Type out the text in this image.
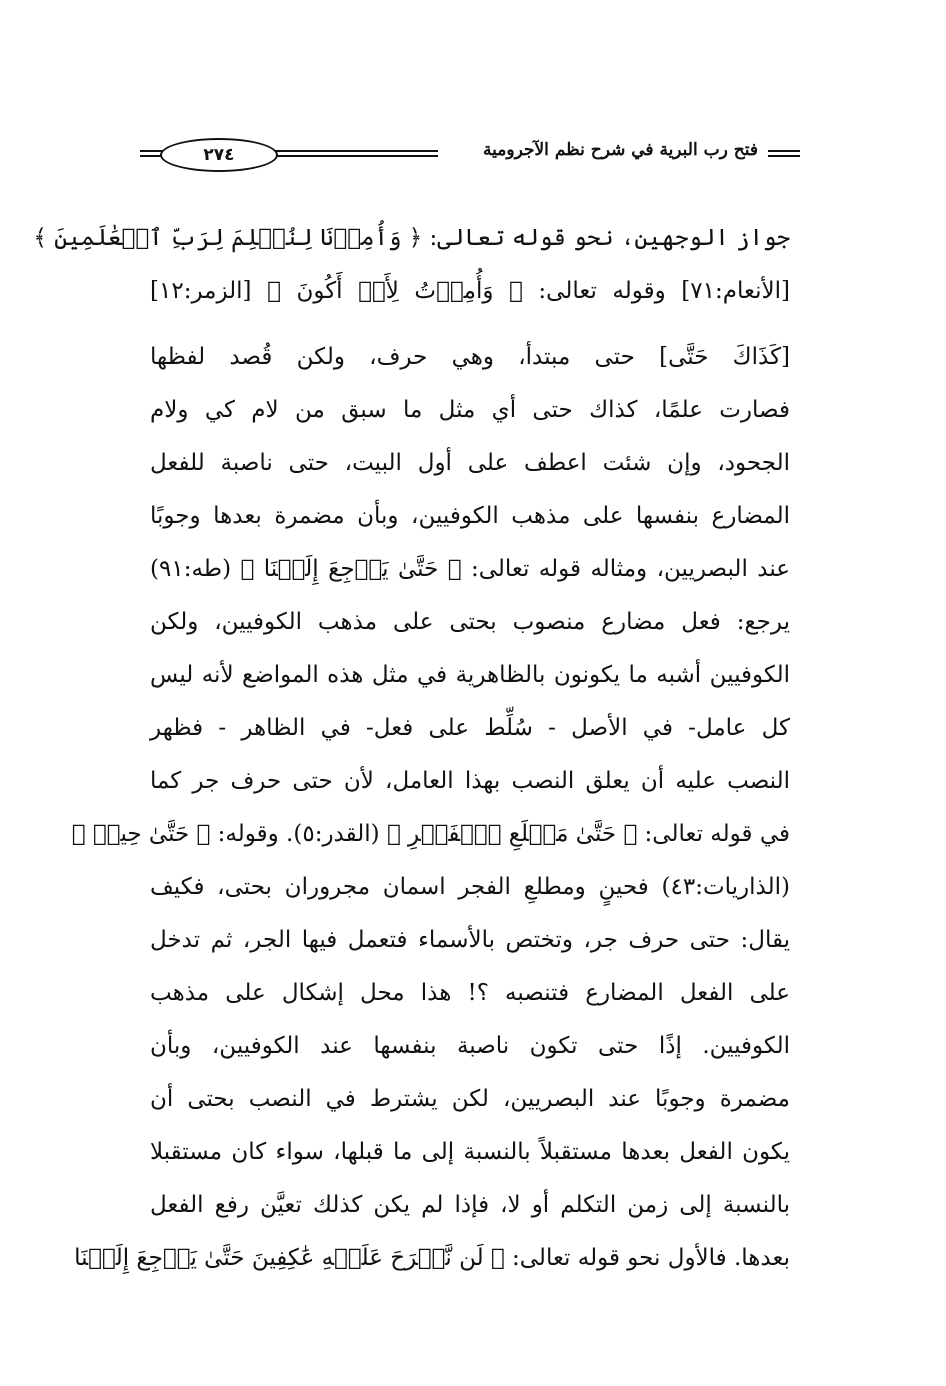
فتح رب البرية في شرح نظم الآجرومية
٢٧٤
جواز الوجهين، نحو قوله تعالى: ﴿ وَأُمِرۡنَا لِنُسۡلِمَ لِرَبِّ ٱلۡعَٰلَمِينَ ﴾
[الأنعام:٧١] وقوله تعالى: ﴿ وَأُمِرۡتُ لِأَنۡ أَكُونَ ﴾ [الزمر:١٢]
[كَذَاكَ حَتَّى] حتى مبتدأ، وهي حرف، ولكن قُصد لفظها
فصارت علمًا، كذاك حتى أي مثل ما سبق من لام كي ولام
الجحود، وإن شئت اعطف على أول البيت، حتى ناصبة للفعل
المضارع بنفسها على مذهب الكوفيين، وبأن مضمرة بعدها وجوبًا
عند البصريين، ومثاله قوله تعالى: ﴿ حَتَّىٰ يَرۡجِعَ إِلَيۡنَا ﴾ (طه:٩١)
يرجع: فعل مضارع منصوب بحتى على مذهب الكوفيين، ولكن
الكوفيين أشبه ما يكونون بالظاهرية في مثل هذه المواضع لأنه ليس
كل عامل- في الأصل - سُلِّط على فعل- في الظاهر - فظهر
النصب عليه أن يعلق النصب بهذا العامل، لأن حتى حرف جر كما
في قوله تعالى: ﴿ حَتَّىٰ مَطۡلَعِ ٱلۡفَجۡرِ ﴾ (القدر:٥). وقوله: ﴿ حَتَّىٰ حِينٖ ﴾
(الذاريات:٤٣) فحينٍ ومطلعِ الفجر اسمان مجروران بحتى، فكيف
يقال: حتى حرف جر، وتختص بالأسماء فتعمل فيها الجر، ثم تدخل
على الفعل المضارع فتنصبه ؟! هذا محل إشكال على مذهب
الكوفيين. إذًا حتى تكون ناصبة بنفسها عند الكوفيين، وبأن
مضمرة وجوبًا عند البصريين، لكن يشترط في النصب بحتى أن
يكون الفعل بعدها مستقبلاً بالنسبة إلى ما قبلها، سواء كان مستقبلا
بالنسبة إلى زمن التكلم أو لا، فإذا لم يكن كذلك تعيَّن رفع الفعل
بعدها. فالأول نحو قوله تعالى: ﴿ لَن نَّبۡرَحَ عَلَيۡهِ عَٰكِفِينَ حَتَّىٰ يَرۡجِعَ إِلَيۡنَا
